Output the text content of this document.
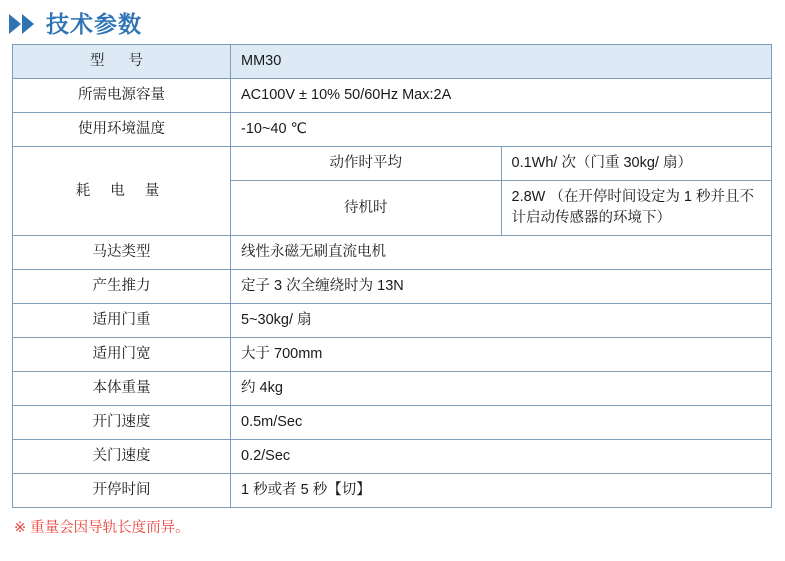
技术参数
型 号	MM30	
所需电源容量	AC100V ± 10% 50/60Hz Max:2A	
使用环境温度	-10~40 ℃	
耗 电 量	动作时平均	0.1Wh/ 次（门重 30kg/ 扇）
	待机时	2.8W （在开停时间设定为 1 秒并且不计启动传感器的环境下）
马达类型	线性永磁无刷直流电机	
产生推力	定子 3 次全缠绕时为 13N	
适用门重	5~30kg/ 扇	
适用门宽	大于 700mm	
本体重量	约 4kg	
开门速度	0.5m/Sec	
关门速度	0.2/Sec	
开停时间	1 秒或者 5 秒【切】	
※ 重量会因导轨长度而异。
